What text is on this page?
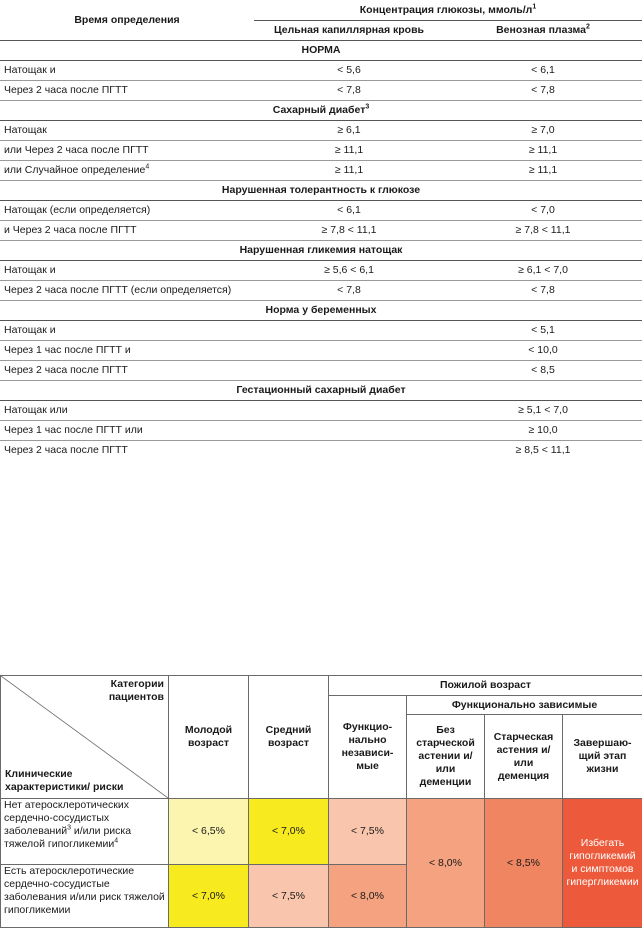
Время определения	Концентрация глюкозы, ммоль/$л^1$
	Цельная капиллярная кровь	Венозная плазма$^2$
НОРМА		
Натощак и	< 5,6	< 6,1
Через 2 часа после ПГТТ	< 7,8	< 7,8
Сахарный диабет$^3$
Натощак	≥ 6,1	≥ 7,0
или Через 2 часа после ПГТТ	≥ 11,1	≥ 11,1
или Случайное определение$^4$	≥ 11,1	≥ 11,1
Нарушенная толерантность к глюкозе		
Натощак (если определяется)	< 6,1	< 7,0
и Через 2 часа после ПГТТ	≥ 7,8 < 11,1	≥ 7,8 < 11,1
Нарушенная гликемия натощак		
Натощак и	≥ 5,6 < 6,1	≥ 6,1 < 7,0
Через 2 часа после ПГТТ (если определяется)	< 7,8	< 7,8
Норма у беременных		
Натощак и		< 5,1
Через 1 час после ПГТТ и		< 10,0
Через 2 часа после ПГТТ		< 8,5
Гестационный сахарный диабет		
Натощак или		≥ 5,1 < 7,0
Через 1 час после ПГТТ или		≥ 10,0
Через 2 часа после ПГТТ		≥ 8,5 < 11,1
Категории пациентов
Клинические характеристики/ риски	Молодой возраст	Средний возраст	Пожилой возраст			
			Функцио-нально независи-мые	Функционально зависимые		
				Без старческой астении и/или деменции	Старческая астения и/или деменция	Завершаю-щий этап жизни
Нет атеросклеротических сердечно-сосудистых заболеваний$^3$ и/или риска тяжелой гипогликемии$^4$	< 6,5%	< 7,0%	< 7,5%	< 8,0%	< 8,5%	Избегать гипогликемий и симптомов гипергликемии
Есть атеросклеротические сердечно-сосудистые заболевания и/или риск тяжелой гипогликемии	< 7,0%	< 7,5%	< 8,0%			
